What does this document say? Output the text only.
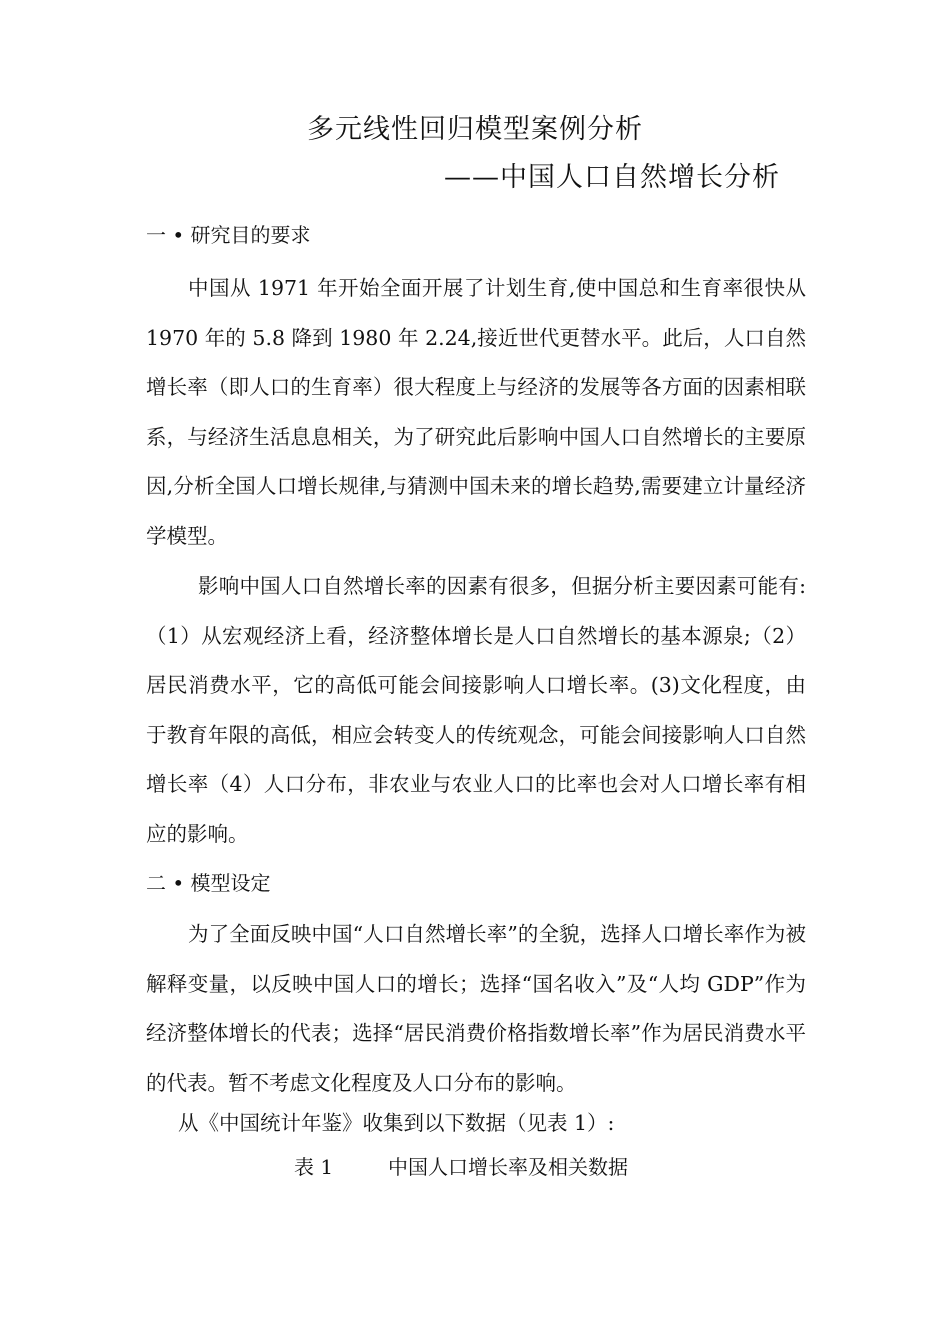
多元线性回归模型案例分析
——中国人口自然增长分析
一 • 研究目的要求

中国从 1971 年开始全面开展了计划生育,使中国总和生育率很快从 1970 年的 5.8 降到 1980 年 2.24,接近世代更替水平。此后，人口自然增长率（即人口的生育率）很大程度上与经济的发展等各方面的因素相联系，与经济生活息息相关，为了研究此后影响中国人口自然增长的主要原因,分析全国人口增长规律,与猜测中国未来的增长趋势,需要建立计量经济学模型。

影响中国人口自然增长率的因素有很多，但据分析主要因素可能有:（1）从宏观经济上看，经济整体增长是人口自然增长的基本源泉;（2）居民消费水平，它的高低可能会间接影响人口增长率。(3)文化程度，由于教育年限的高低，相应会转变人的传统观念，可能会间接影响人口自然增长率（4）人口分布，非农业与农业人口的比率也会对人口增长率有相应的影响。

二 • 模型设定

为了全面反映中国“人口自然增长率”的全貌，选择人口增长率作为被解释变量，以反映中国人口的增长；选择“国名收入”及“人均 GDP”作为经济整体增长的代表；选择“居民消费价格指数增长率”作为居民消费水平的代表。暂不考虑文化程度及人口分布的影响。

从《中国统计年鉴》收集到以下数据（见表 1）:
表 1	中国人口增长率及相关数据
